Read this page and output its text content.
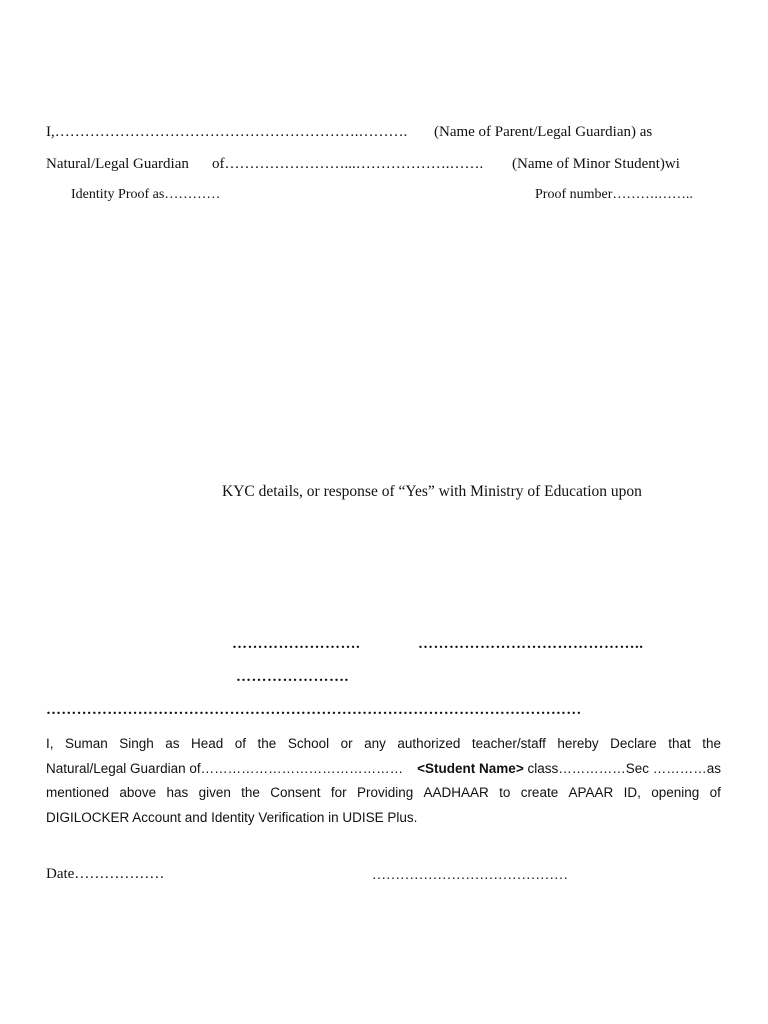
I,…………………………………………………….………. (Name of Parent/Legal Guardian) as
Natural/Legal Guardian of……………………...……………….……. (Name of Minor Student)wi
Identity Proof as…………	Proof number……….……..
KYC details, or response of “Yes” with Ministry of Education upon
…………………….	……………………………………..
………………….
……………………………………………………………………………………………
I, Suman Singh as Head of the School or any authorized teacher/staff hereby Declare that the
Natural/Legal Guardian of……………………………………… <Student Name> class……………Sec …………as
mentioned above has given the Consent for Providing AADHAAR to create APAAR ID, opening of
DIGILOCKER Account and Identity Verification in UDISE Plus.
Date………………	……………………………………
